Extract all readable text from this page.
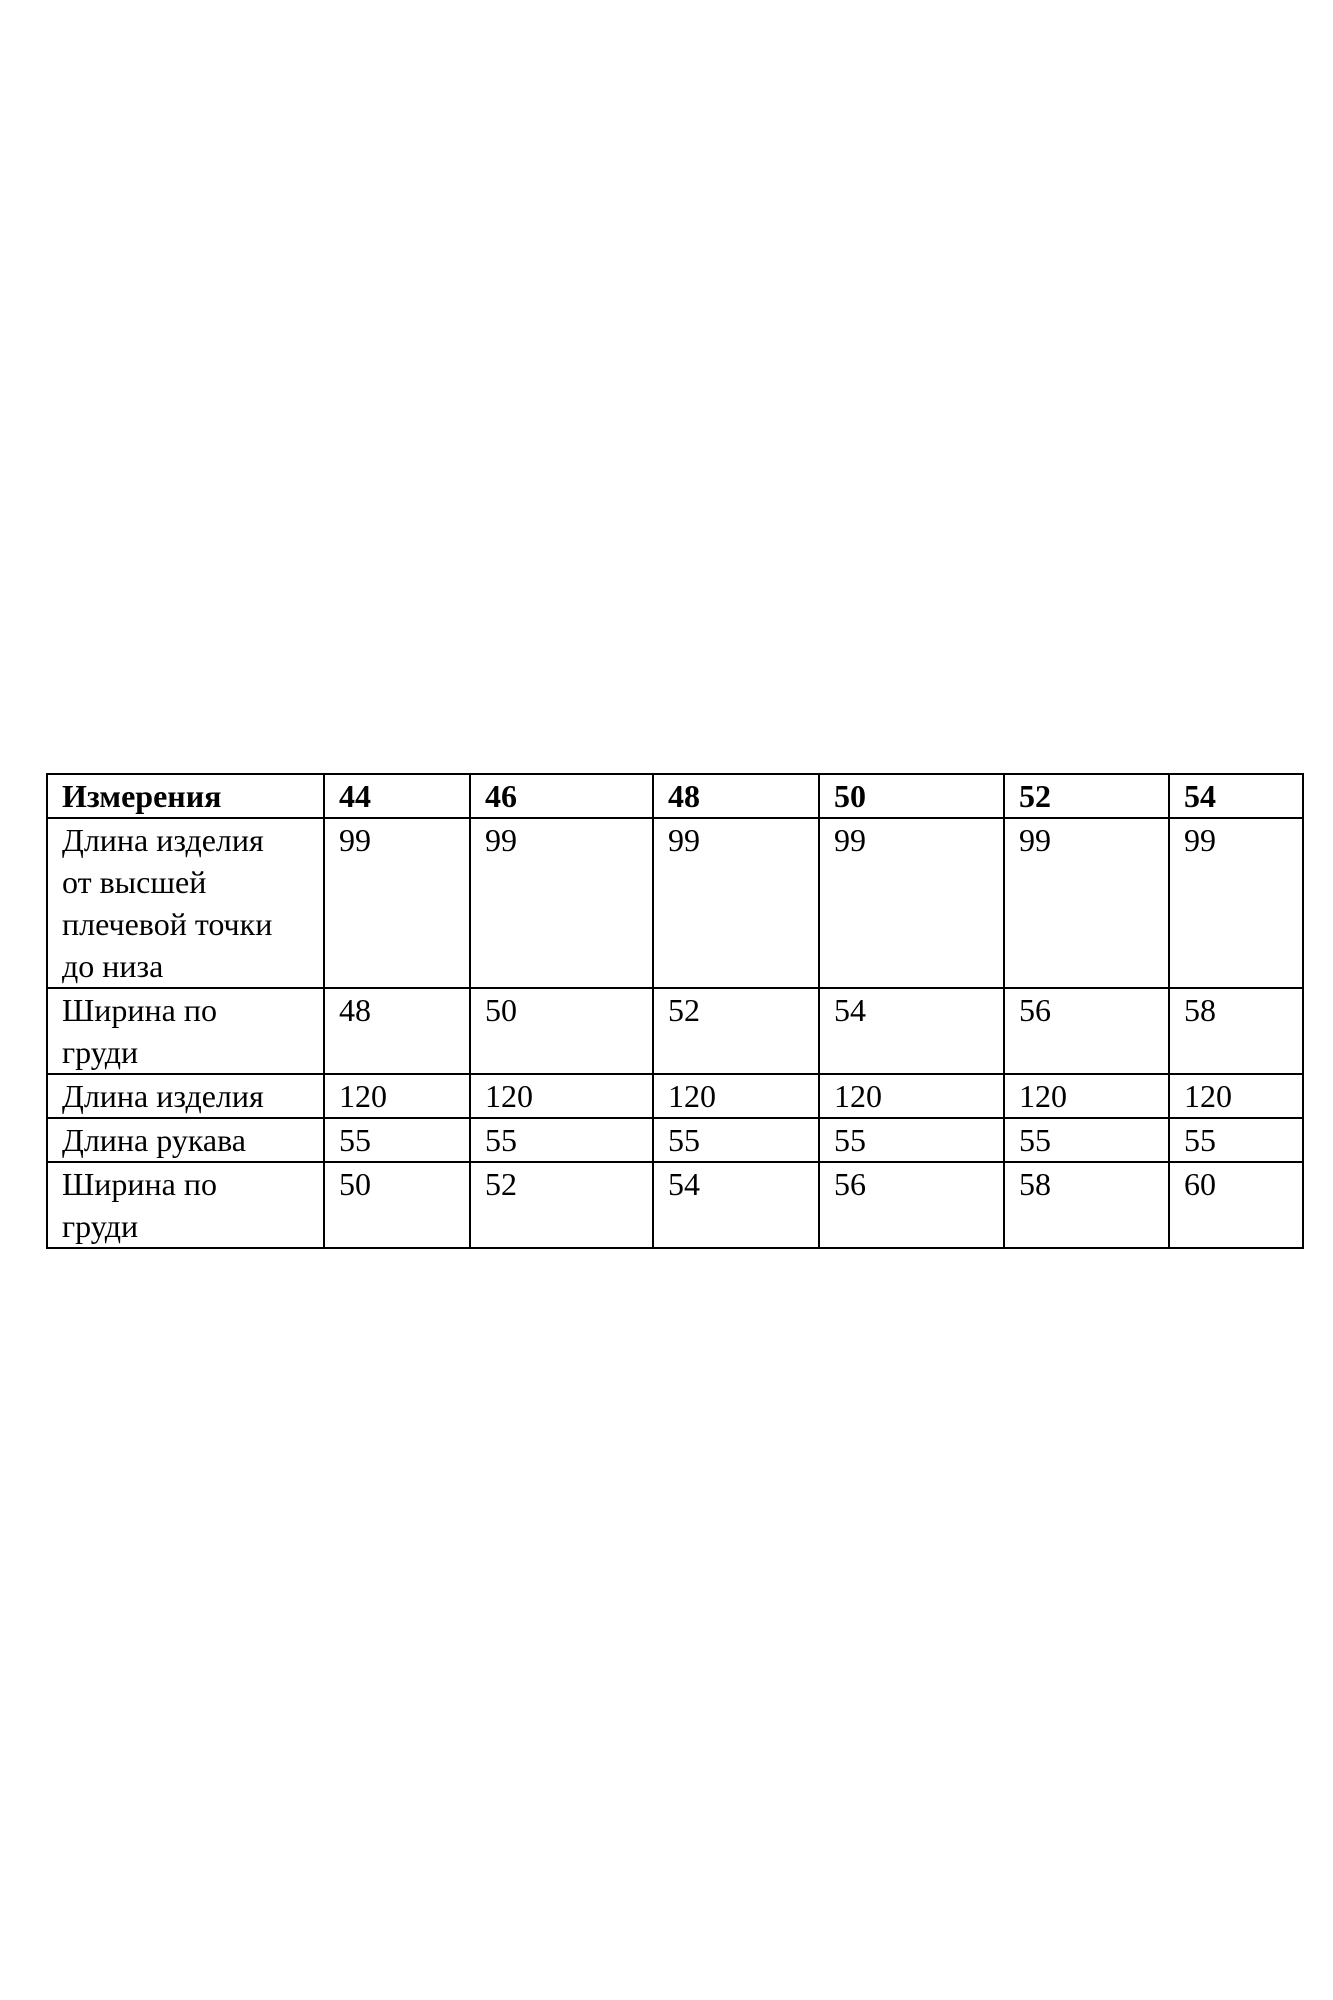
Измерения	44	46	48	50	52	54
Длина изделия
от высшей
плечевой точки
до низа	99	99	99	99	99	99
Ширина по
груди	48	50	52	54	56	58
Длина изделия	120	120	120	120	120	120
Длина рукава	55	55	55	55	55	55
Ширина по
груди	50	52	54	56	58	60
